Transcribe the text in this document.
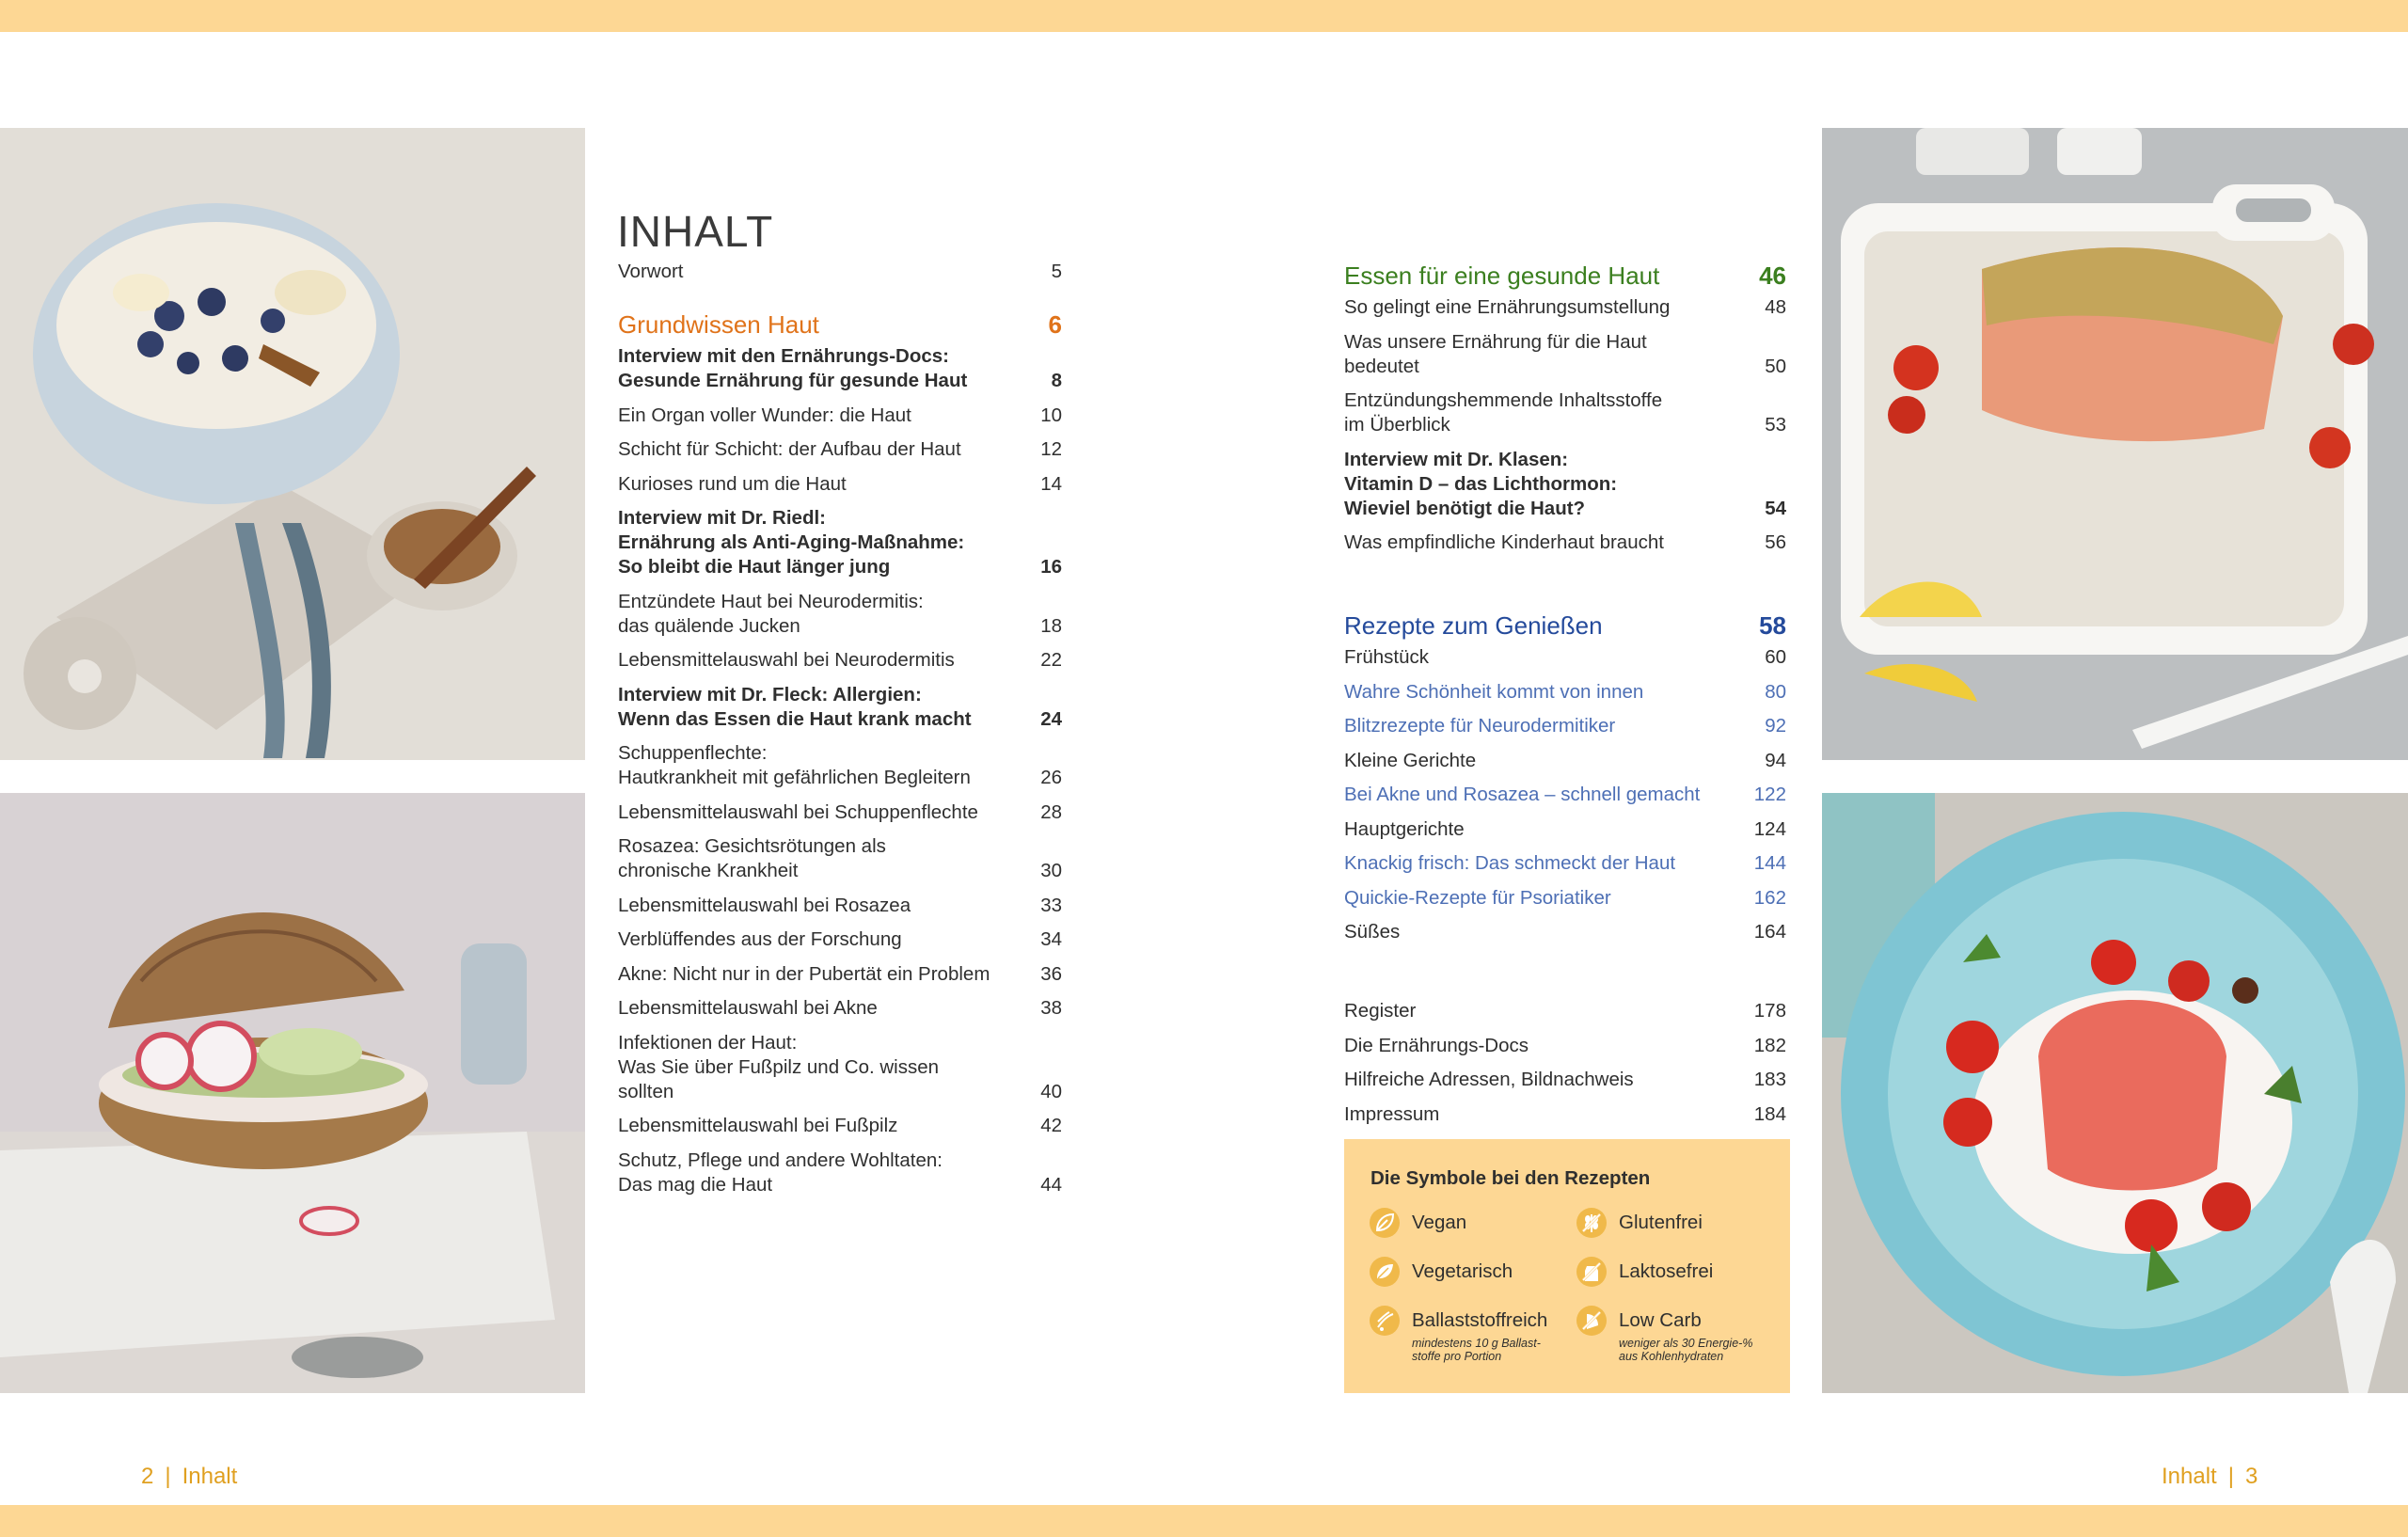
INHALT
Vorwort	5
Grundwissen Haut	6
Interview mit den Ernährungs-Docs:
Gesunde Ernährung für gesunde Haut	8
Ein Organ voller Wunder: die Haut	10
Schicht für Schicht: der Aufbau der Haut	12
Kurioses rund um die Haut	14
Interview mit Dr. Riedl:
Ernährung als Anti-Aging-Maßnahme:
So bleibt die Haut länger jung	16
Entzündete Haut bei Neurodermitis:
das quälende Jucken	18
Lebensmittelauswahl bei Neurodermitis	22
Interview mit Dr. Fleck: Allergien:
Wenn das Essen die Haut krank macht	24
Schuppenflechte:
Hautkrankheit mit gefährlichen Begleitern	26
Lebensmittelauswahl bei Schuppenflechte	28
Rosazea: Gesichtsrötungen als
chronische Krankheit	30
Lebensmittelauswahl bei Rosazea	33
Verblüffendes aus der Forschung	34
Akne: Nicht nur in der Pubertät ein Problem	36
Lebensmittelauswahl bei Akne	38
Infektionen der Haut:
Was Sie über Fußpilz und Co. wissen sollten	40
Lebensmittelauswahl bei Fußpilz	42
Schutz, Pflege und andere Wohltaten:
Das mag die Haut	44
Essen für eine gesunde Haut	46
So gelingt eine Ernährungsumstellung	48
Was unsere Ernährung für die Haut bedeutet	50
Entzündungshemmende Inhaltsstoffe
im Überblick	53
Interview mit Dr. Klasen:
Vitamin D – das Lichthormon:
Wieviel benötigt die Haut?	54
Was empfindliche Kinderhaut braucht	56
Rezepte zum Genießen	58
Frühstück	60
Wahre Schönheit kommt von innen	80
Blitzrezepte für Neurodermitiker	92
Kleine Gerichte	94
Bei Akne und Rosazea – schnell gemacht	122
Hauptgerichte	124
Knackig frisch: Das schmeckt der Haut	144
Quickie-Rezepte für Psoriatiker	162
Süßes	164
Register	178
Die Ernährungs-Docs	182
Hilfreiche Adressen, Bildnachweis	183
Impressum	184
Die Symbole bei den Rezepten
Vegan	Glutenfrei
Vegetarisch	Laktosefrei
Ballaststoffreich
mindestens 10 g Ballast-
stoffe pro Portion
Low Carb
weniger als 30 Energie-%
aus Kohlenhydraten
2 | Inhalt	Inhalt | 3
